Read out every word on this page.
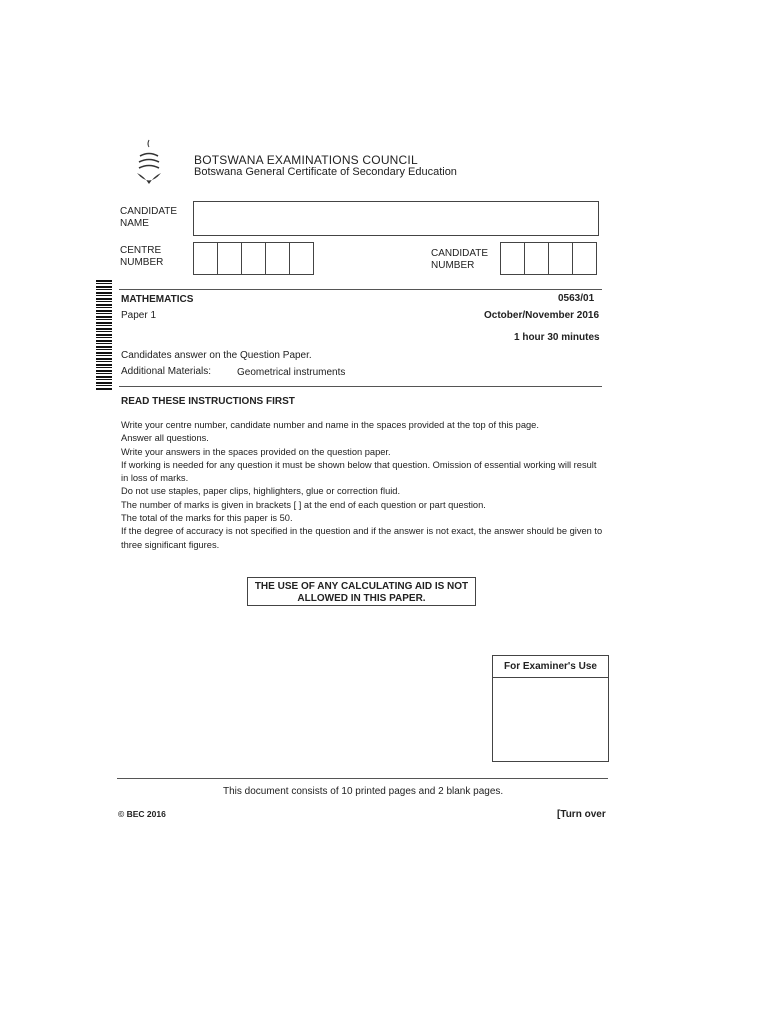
BOTSWANA EXAMINATIONS COUNCIL
Botswana General Certificate of Secondary Education
CANDIDATE
NAME
CENTRE
NUMBER
CANDIDATE
NUMBER
MATHEMATICS	0563/01
Paper 1	October/November 2016
1 hour 30 minutes
Candidates answer on the Question Paper.
Additional Materials:	Geometrical instruments
READ THESE INSTRUCTIONS FIRST

Write your centre number, candidate number and name in the spaces provided at the top of this page.

Answer all questions.

Write your answers in the spaces provided on the question paper.

If working is needed for any question it must be shown below that question. Omission of essential working will result in loss of marks.

Do not use staples, paper clips, highlighters, glue or correction fluid.

The number of marks is given in brackets [ ] at the end of each question or part question.

The total of the marks for this paper is 50.

If the degree of accuracy is not specified in the question and if the answer is not exact, the answer should be given to three significant figures.

THE USE OF ANY CALCULATING AID IS NOT
ALLOWED IN THIS PAPER.
For Examiner's Use
This document consists of 10 printed pages and 2 blank pages.
© BEC 2016	[Turn over
